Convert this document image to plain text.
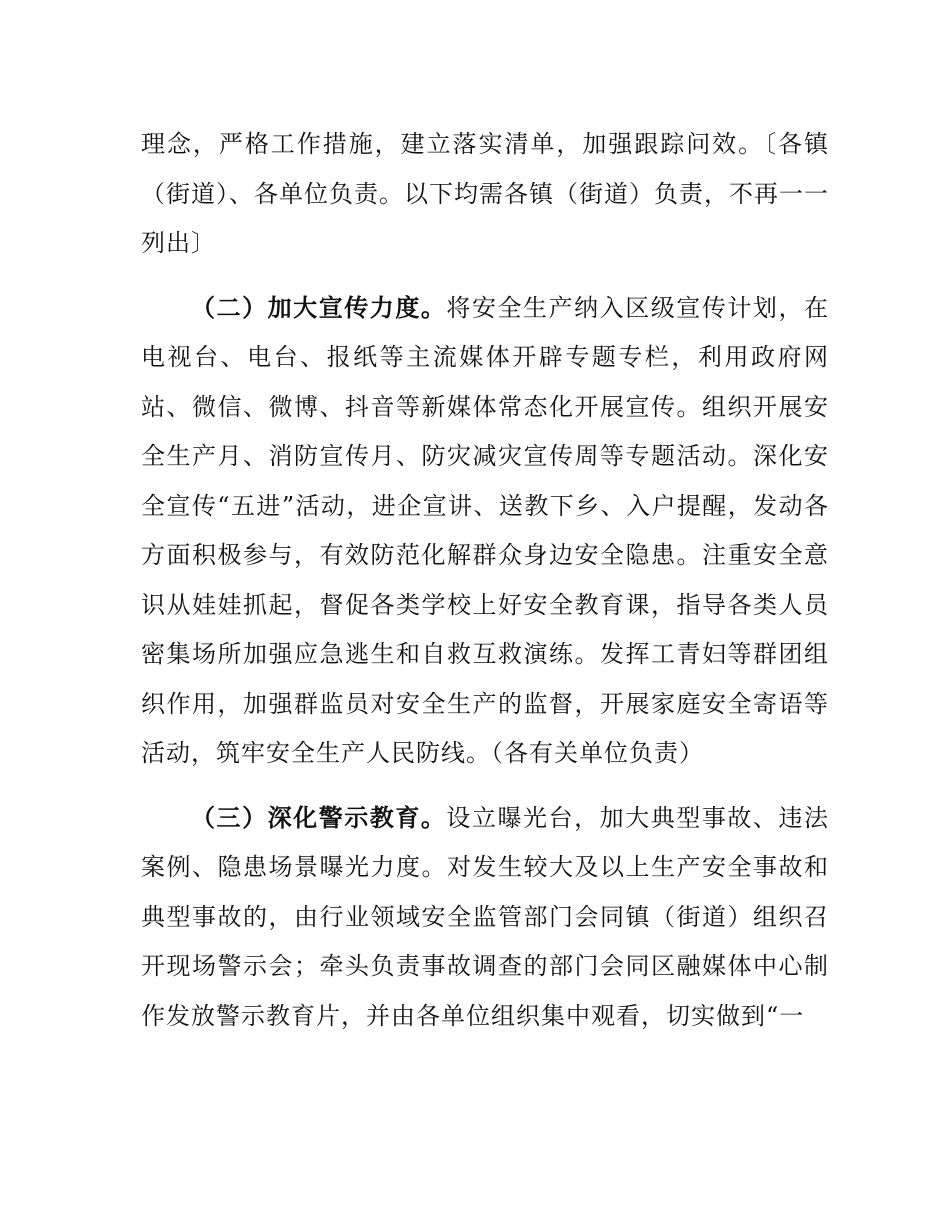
理念，严格工作措施，建立落实清单，加强跟踪问效。〔各镇（街道）、各单位负责。以下均需各镇（街道）负责，不再一一列出〕

（二）加大宣传力度。将安全生产纳入区级宣传计划，在电视台、电台、报纸等主流媒体开辟专题专栏，利用政府网站、微信、微博、抖音等新媒体常态化开展宣传。组织开展安全生产月、消防宣传月、防灾减灾宣传周等专题活动。深化安全宣传“五进”活动，进企宣讲、送教下乡、入户提醒，发动各方面积极参与，有效防范化解群众身边安全隐患。注重安全意识从娃娃抓起，督促各类学校上好安全教育课，指导各类人员密集场所加强应急逃生和自救互救演练。发挥工青妇等群团组织作用，加强群监员对安全生产的监督，开展家庭安全寄语等活动，筑牢安全生产人民防线。（各有关单位负责）

（三）深化警示教育。设立曝光台，加大典型事故、违法案例、隐患场景曝光力度。对发生较大及以上生产安全事故和典型事故的，由行业领域安全监管部门会同镇（街道）组织召开现场警示会；牵头负责事故调查的部门会同区融媒体中心制作发放警示教育片，并由各单位组织集中观看，切实做到“一
